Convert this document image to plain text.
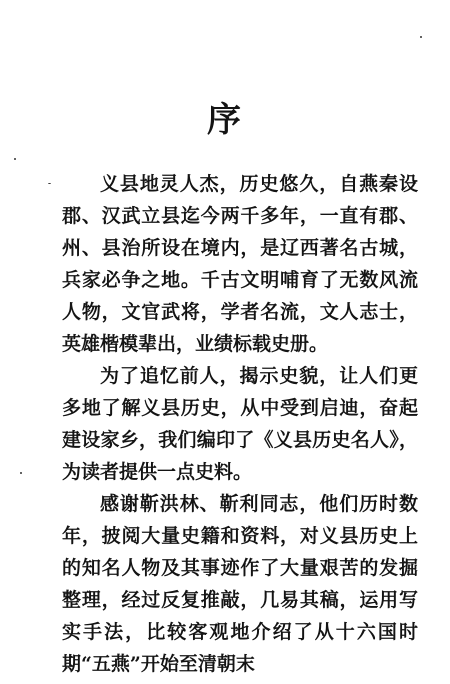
序

义县地灵人杰，历史悠久，自燕秦设郡、汉武立县迄今两千多年，一直有郡、州、县治所设在境内，是辽西著名古城，兵家必争之地。千古文明哺育了无数风流人物，文官武将，学者名流，文人志士，英雄楷模辈出，业绩标载史册。

为了追忆前人，揭示史貌，让人们更多地了解义县历史，从中受到启迪，奋起建设家乡，我们编印了《义县历史名人》，为读者提供一点史料。

感谢靳洪林、靳利同志，他们历时数年，披阅大量史籍和资料，对义县历史上的知名人物及其事迹作了大量艰苦的发掘整理，经过反复推敲，几易其稿，运用写实手法，比较客观地介绍了从十六国时期“五燕”开始至清朝末
